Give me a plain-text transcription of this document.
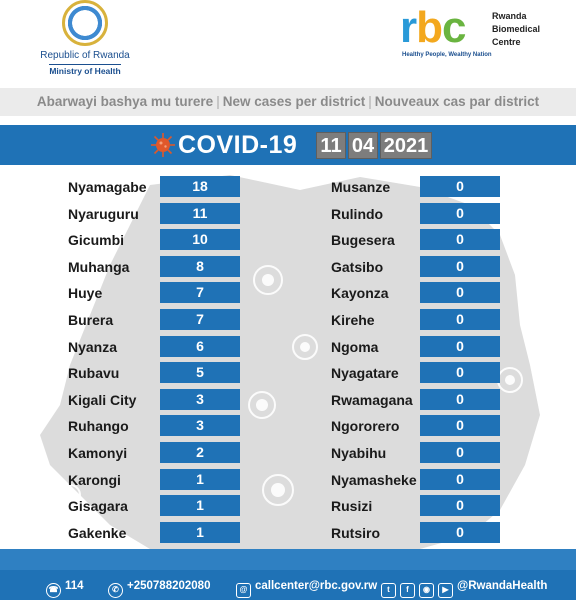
Republic of Rwanda
Ministry of Health
rbc	Rwanda
Biomedical
Centre
Healthy People, Wealthy Nation
Abarwayi bashya mu turere | New cases per district | Nouveaux cas par district
COVID-19 11 04 2021
Nyamagabe	18
Nyaruguru	11
Gicumbi	10
Muhanga	8
Huye	7
Burera	7
Nyanza	6
Rubavu	5
Kigali City	3
Ruhango	3
Kamonyi	2
Karongi	1
Gisagara	1
Gakenke	1
Musanze	0
Rulindo	0
Bugesera	0
Gatsibo	0
Kayonza	0
Kirehe	0
Ngoma	0
Nyagatare	0
Rwamagana	0
Ngororero	0
Nyabihu	0
Nyamasheke	0
Rusizi	0
Rutsiro	0
☎ 114	✆ +250788202080	@ callcenter@rbc.gov.rw	t f ◉ ▶ @RwandaHealth
